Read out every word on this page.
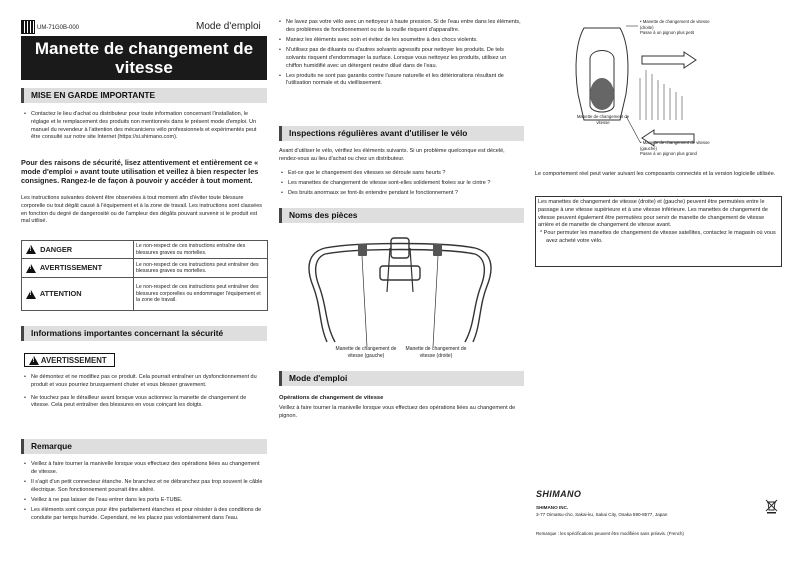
UM-71G0B-000	Mode d'emploi
Manette de changement de vitesse
MISE EN GARDE IMPORTANTE
• Contactez le lieu d'achat ou distributeur pour toute information concernant l'installation, le réglage et le remplacement des produits non mentionnés dans le présent mode d'emploi. Un manuel du revendeur à l'attention des mécaniciens vélo professionnels et expérimentés peut être consulté sur notre site Internet (https://si.shimano.com).
Pour des raisons de sécurité, lisez attentivement et entièrement ce « mode d'emploi » avant toute utilisation et veillez à bien respecter les consignes. Rangez-le de façon à pouvoir y accéder à tout moment.
Les instructions suivantes doivent être observées à tout moment afin d'éviter toute blessure corporelle ou tout dégât causé à l'équipement et à la zone de travail. Les instructions sont classées en fonction du degré de dangerosité ou de l'ampleur des dégâts pouvant survenir si le produit est mal utilisé.
!  DANGER	Le non-respect de ces instructions entraîne des blessures graves ou mortelles.
!  AVERTISSEMENT	Le non-respect de ces instructions peut entraîner des blessures graves ou mortelles.
!  ATTENTION	Le non-respect de ces instructions peut entraîner des blessures corporelles ou endommager l'équipement et la zone de travail.
Informations importantes concernant la sécurité
! AVERTISSEMENT
• Ne démontez et ne modifiez pas ce produit. Cela pourrait entraîner un dysfonctionnement du produit et vous pourriez brusquement chuter et vous blesser gravement.
• Ne touchez pas le dérailleur avant lorsque vous actionnez la manette de changement de vitesse. Cela peut entraîner des blessures en vous coinçant les doigts.
Remarque
• Veillez à faire tourner la manivelle lorsque vous effectuez des opérations liées au changement de vitesse.
• Il s'agit d'un petit connecteur étanche. Ne branchez et ne débranchez pas trop souvent le câble électrique. Son fonctionnement pourrait être altéré.
• Veillez à ne pas laisser de l'eau entrer dans les ports E-TUBE.
• Les éléments sont conçus pour être parfaitement étanches et pour résister à des conditions de conduite par temps humide. Cependant, ne les placez pas volontairement dans l'eau.
• Ne lavez pas votre vélo avec un nettoyeur à haute pression. Si de l'eau entre dans les éléments, des problèmes de fonctionnement ou de la rouille risquent d'apparaître.
• Maniez les éléments avec soin et évitez de les soumettre à des chocs violents.
• N'utilisez pas de diluants ou d'autres solvants agressifs pour nettoyer les produits. De tels solvants risquent d'endommager la surface. Lorsque vous nettoyez les produits, utilisez un chiffon humidifié avec un détergent neutre dilué dans de l'eau.
• Les produits ne sont pas garantis contre l'usure naturelle et les détériorations résultant de l'utilisation normale et du vieillissement.
Inspections régulières avant d'utiliser le vélo
Avant d'utiliser le vélo, vérifiez les éléments suivants. Si un problème quelconque est décelé, rendez-vous au lieu d'achat ou chez un distributeur.
• Est-ce que le changement des vitesses se déroule sans heurts ?
• Les manettes de changement de vitesse sont-elles solidement fixées sur le cintre ?
• Des bruits anormaux se font-ils entendre pendant le fonctionnement ?
Noms des pièces
Manette de changement de vitesse (gauche)
Manette de changement de vitesse (droite)
Mode d'emploi
Opérations de changement de vitesse
Veillez à faire tourner la manivelle lorsque vous effectuez des opérations liées au changement de pignon.
• Manette de changement de vitesse (droite)
Passe à un pignon plus petit
Manette de changement de vitesse
• Manette de changement de vitesse (gauche)
Passe à un pignon plus grand
Le comportement réel peut varier suivant les composants connectés et la version logicielle utilisée.
Les manettes de changement de vitesse (droite) et (gauche) peuvent être permutées entre le passage à une vitesse supérieure et à une vitesse inférieure. Les manettes de changement de vitesse peuvent également être permutées pour servir de manette de changement de vitesse arrière et de manette de changement de vitesse avant.
* Pour permuter les manettes de changement de vitesse satellites, contactez le magasin où vous avez acheté votre vélo.
SHIMANO
SHIMANO INC.
3-77 Oimatsu-cho, Sakai-ku, Sakai City, Osaka 590-8577, Japan
Remarque : les spécifications peuvent être modifiées sans préavis. (French)
